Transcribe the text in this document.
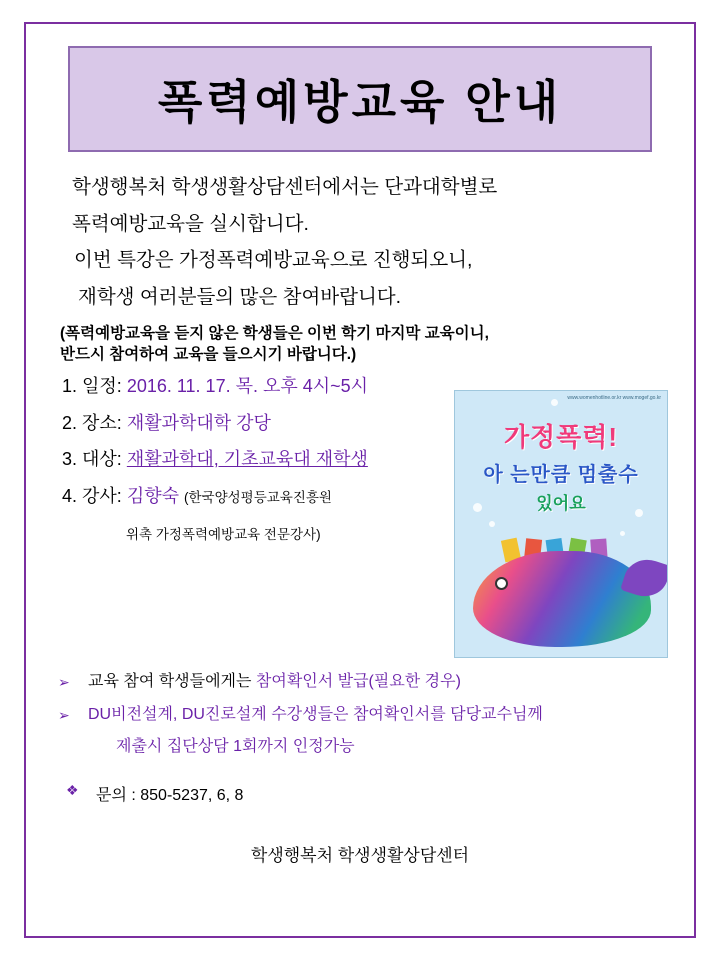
폭력예방교육 안내
학생행복처 학생생활상담센터에서는 단과대학별로
폭력예방교육을 실시합니다.
이번 특강은 가정폭력예방교육으로 진행되오니,
재학생 여러분들의 많은 참여바랍니다.
(폭력예방교육을 듣지 않은 학생들은 이번 학기 마지막 교육이니,
반드시 참여하여 교육을 들으시기 바랍니다.)
1. 일정: 2016. 11. 17. 목. 오후 4시~5시
2. 장소: 재활과학대학 강당
3. 대상: 재활과학대, 기초교육대 재학생
4. 강사: 김향숙 (한국양성평등교육진흥원
위촉 가정폭력예방교육 전문강사)
www.womenhotline.or.kr www.mogef.go.kr
가정폭력!
아 는만큼 멈출수
있어요
➢	교육 참여 학생들에게는 참여확인서 발급(필요한 경우)
➢	DU비전설계, DU진로설계 수강생들은 참여확인서를 담당교수님께
제출시 집단상담 1회까지 인정가능
❖	문의 : 850-5237, 6, 8
학생행복처 학생생활상담센터
